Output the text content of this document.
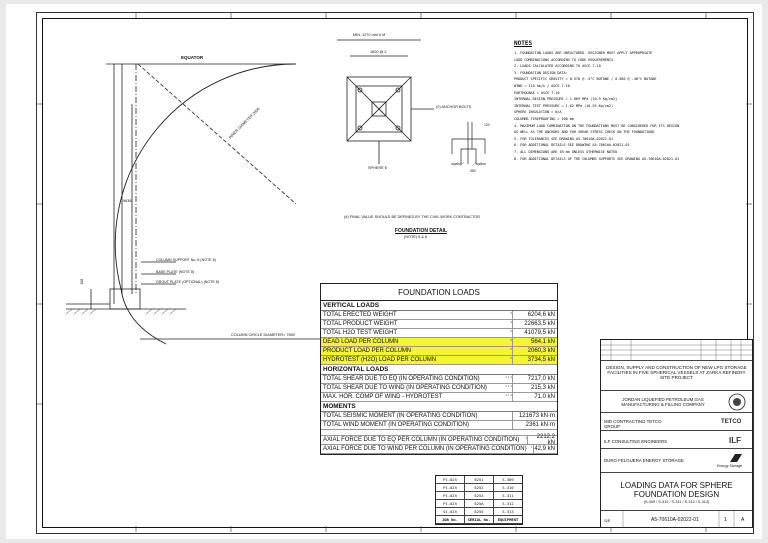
EQUATOR
INNER DIAMETER 2000
9638
COLUMN SUPPORT No. 8 (NOTE 8)
BASE PLATE (NOTE 8)
GROUT PLATE (OPTIONAL) (NOTE 8)
108
COLUMN CIRCLE DIAMETER= 7550
MIN. 1270 mm # M
1600 @ 2
(2) ANCHOR BOLTS
SPHERE E
120
350
(#) FINAL VALUE SHOULD BE DEFINED BY THE CIVIL WORK CONTRACTOR
FOUNDATION DETAIL
(NOTE) 5 & 6
NOTES
1. FOUNDATION LOADS ARE UNFACTORED. DESIGNER MUST APPLY APPROPRIATE
LOAD COMBINATIONS ACCORDING TO CODE REQUIREMENTS.
2. LOADS CALCULATED ACCORDING TO ASCE 7-10
3. FOUNDATION DESIGN DATA:
PRODUCT SPECIFIC GRAVITY = 0.578 @ -5°C BUTANE / 0.560 @ -40°C BUTANE
WIND = 110 km/h / ASCE 7-10
EARTHQUAKE = ASCE 7-10
INTERNAL DESIGN PRESSURE = 1.069 MPa (10.9 Kg/cm2)
INTERNAL TEST PRESSURE = 1.62 MPa (16.55 Kg/cm2)
SPHERE INSULATION = N/A
COLUMNS FIREPROOFING = 100 mm
4. MAXIMUM LOAD COMBINATION ON THE FOUNDATIONS MUST BE CONSIDERED FOR ITS DESIGN
AS WELL AS THE ANCHORS AND FOR SHEAR STRESS CHECK ON THE FOUNDATIONS
5. FOR TOLERANCES SEE DRAWING A5-70610A-02021-01
6. FOR ADDITIONAL DETAILS SEE DRAWING A5-70610A-02021-01
7. ALL DIMENSIONS ARE IN mm UNLESS OTHERWISE NOTED
8. FOR ADDITIONAL DETAILS OF THE COLUMNS SUPPORTS SEE DRAWING A5-70610A-02021-01
FOUNDATION LOADS
VERTICAL LOADS
TOTAL ERECTED WEIGHT	5	6204,6 kN
TOTAL PRODUCT WEIGHT	5	22663,5 kN
TOTAL H2O TEST WEIGHT	5	41079,5 kN
DEAD LOAD PER COLUMN	5	564,1 kN
PRODUCT LOAD PER COLUMN	5	2060,3 kN
HYDROTEST (H2O) LOAD PER COLUMN	5	3734,5 kN
HORIZONTAL LOADS
TOTAL SHEAR DUE TO EQ (IN OPERATING CONDITION)	1 1 1	7217,0 kN
TOTAL SHEAR DUE TO WIND (IN OPERATING CONDITION)	1 1 1	215,3 kN
MAX. HOR. COMP OF WIND - HYDROTEST	1 1 1	71,0 kN
MOMENTS
TOTAL SEISMIC MOMENT (IN OPERATING CONDITION)	121673 kN·m
TOTAL WIND MOMENT (IN OPERATING CONDITION)	2361 kN·m
AXIAL FORCE DUE TO EQ PER COLUMN (IN OPERATING CONDITION)	1	2212,2 kN
AXIAL FORCE DUE TO WIND PER COLUMN (IN OPERATING CONDITION)	1 42,9 kN
P1-025	8251	S-309
P1-025	8252	S-310
P1-025	8253	S-311
P1-025	825A	S-312
S1-025	8255	S-313
JOB No.	SERIAL No.	EQUIPMENT
DESIGN, SUPPLY AND CONSTRUCTION OF NEW LPG STORAGE FACILITIES IN FIVE SPHERICAL VESSELS AT ZARKA REFINERY SITE PROJECT
JORDAN LIQUEFIED PETROLEUM GAS MANUFACTURING & FILLING COMPANY
MID CONTRACTING TETCO GROUP
TETCO
ILF CONSULTING ENGINEERS	ILF
DURO FELGUERA ENERGY STORAGE
Energy Storage
LOADING DATA FOR SPHERE
FOUNDATION DESIGN
(S-309 / S-310 / S-311 / S-312 / S-313)
S/E	A5-70610A-02022-01	1	A
